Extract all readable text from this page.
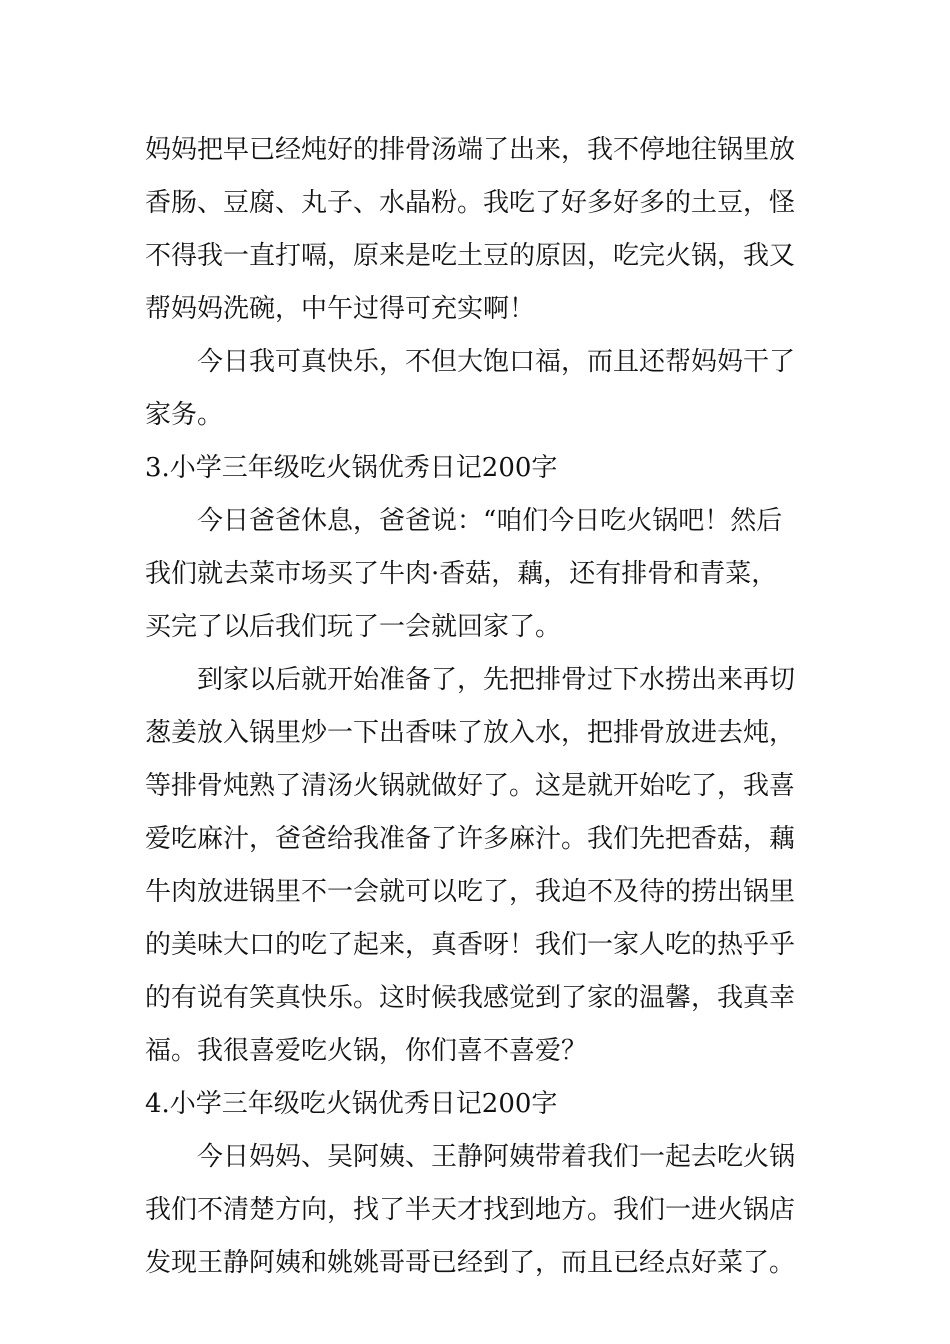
妈妈把早已经炖好的排骨汤端了出来，我不停地往锅里放
香肠、豆腐、丸子、水晶粉。我吃了好多好多的土豆，怪
不得我一直打嗝，原来是吃土豆的原因，吃完火锅，我又
帮妈妈洗碗，中午过得可充实啊！
今日我可真快乐，不但大饱口福，而且还帮妈妈干了
家务。
3.小学三年级吃火锅优秀日记200字
今日爸爸休息，爸爸说：“咱们今日吃火锅吧！然后
我们就去菜市场买了牛肉·香菇，藕，还有排骨和青菜，
买完了以后我们玩了一会就回家了。
到家以后就开始准备了，先把排骨过下水捞出来再切
葱姜放入锅里炒一下出香味了放入水，把排骨放进去炖，
等排骨炖熟了清汤火锅就做好了。这是就开始吃了，我喜
爱吃麻汁，爸爸给我准备了许多麻汁。我们先把香菇，藕
牛肉放进锅里不一会就可以吃了，我迫不及待的捞出锅里
的美味大口的吃了起来，真香呀！我们一家人吃的热乎乎
的有说有笑真快乐。这时候我感觉到了家的温馨，我真幸
福。我很喜爱吃火锅，你们喜不喜爱？
4.小学三年级吃火锅优秀日记200字
今日妈妈、吴阿姨、王静阿姨带着我们一起去吃火锅
我们不清楚方向，找了半天才找到地方。我们一进火锅店
发现王静阿姨和姚姚哥哥已经到了，而且已经点好菜了。
